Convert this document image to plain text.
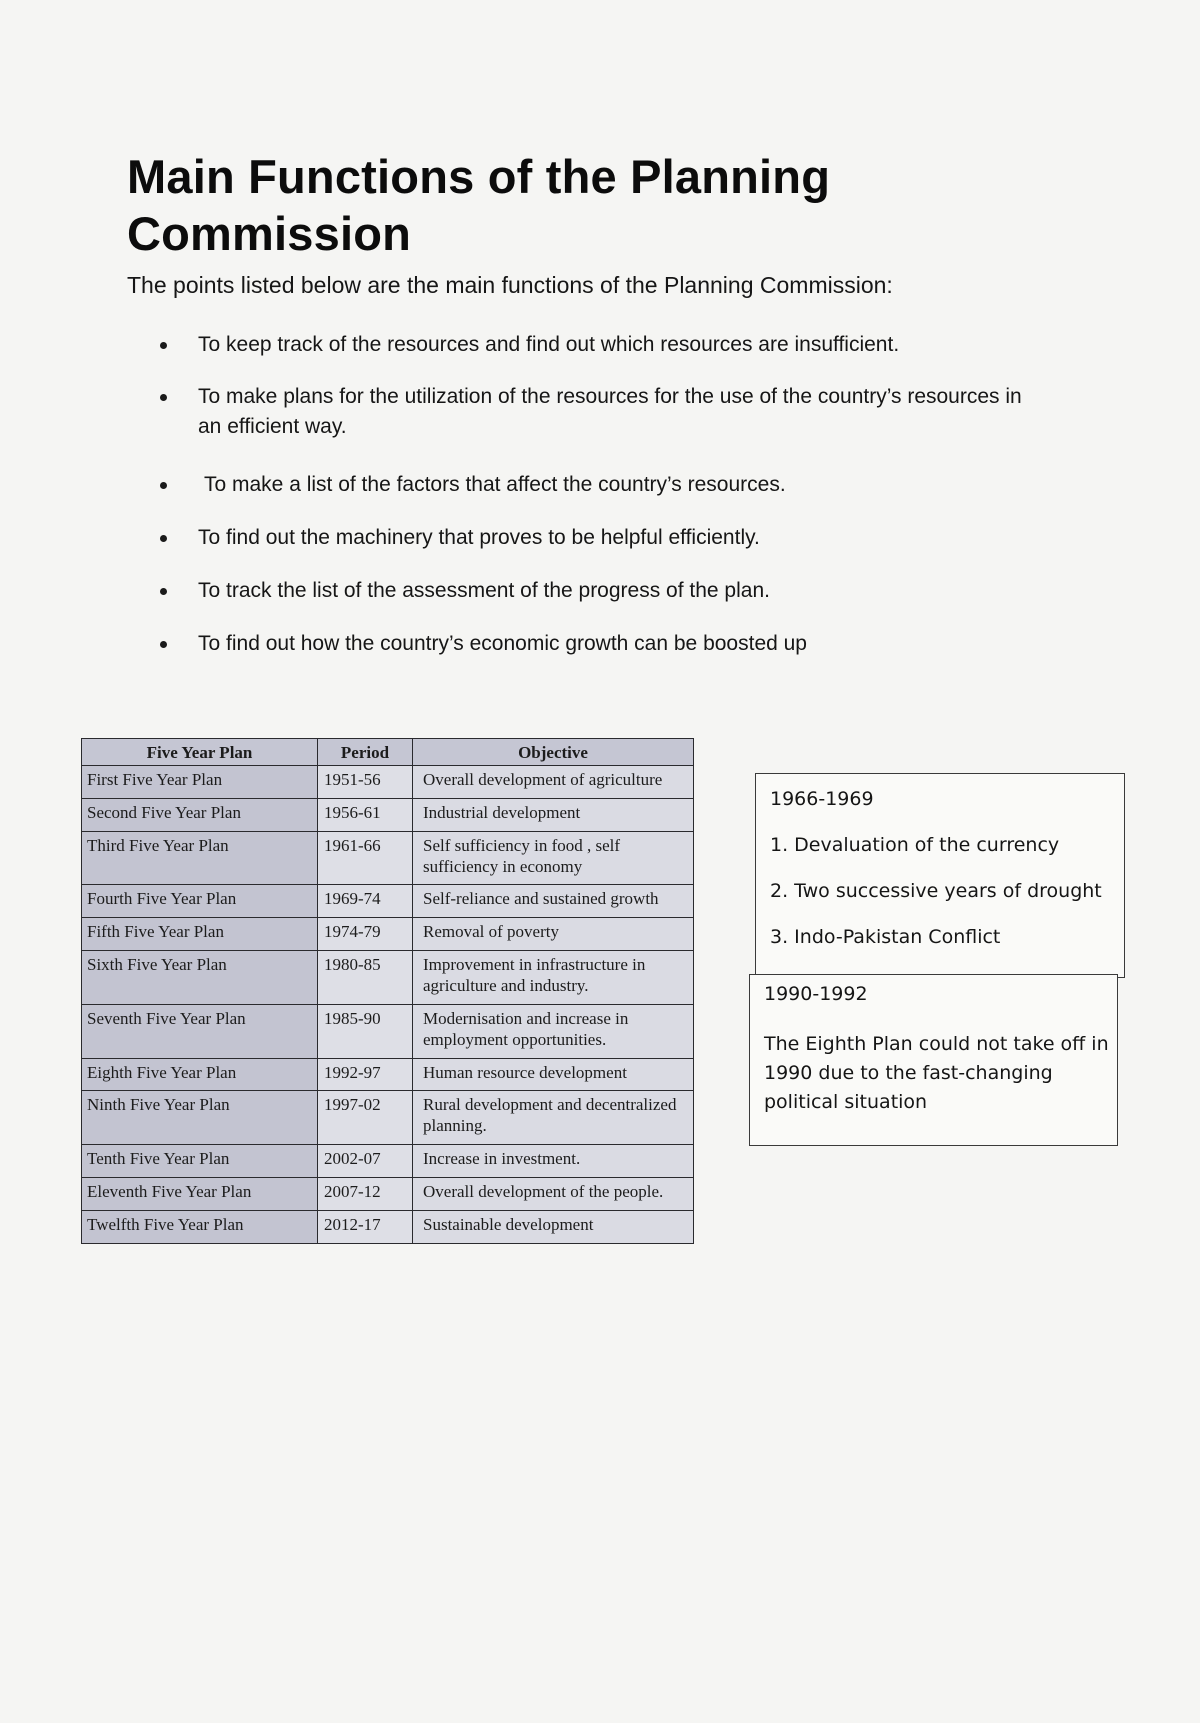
Main Functions of the Planning Commission

The points listed below are the main functions of the Planning Commission:

To keep track of the resources and find out which resources are insufficient.
To make plans for the utilization of the resources for the use of the country’s resources in an efficient way.
To make a list of the factors that affect the country’s resources.
To find out the machinery that proves to be helpful efficiently.
To track the list of the assessment of the progress of the plan.
To find out how the country’s economic growth can be boosted up
Five Year Plan	Period	Objective
First Five Year Plan	1951-56	Overall development of agriculture
Second Five Year Plan	1956-61	Industrial development
Third Five Year Plan	1961-66	Self sufficiency in food , self sufficiency in economy
Fourth Five Year Plan	1969-74	Self-reliance and sustained growth
Fifth Five Year Plan	1974-79	Removal of poverty
Sixth Five Year Plan	1980-85	Improvement in infrastructure in agriculture and industry.
Seventh Five Year Plan	1985-90	Modernisation and increase in employment opportunities.
Eighth Five Year Plan	1992-97	Human resource development
Ninth Five Year Plan	1997-02	Rural development and decentralized planning.
Tenth Five Year Plan	2002-07	Increase in investment.
Eleventh Five Year Plan	2007-12	Overall development of the people.
Twelfth Five Year Plan	2012-17	Sustainable development
1966-1969
1. Devaluation of the currency
2. Two successive years of drought
3. Indo-Pakistan Conflict
1990-1992
The Eighth Plan could not take off in 1990 due to the fast-changing political situation
